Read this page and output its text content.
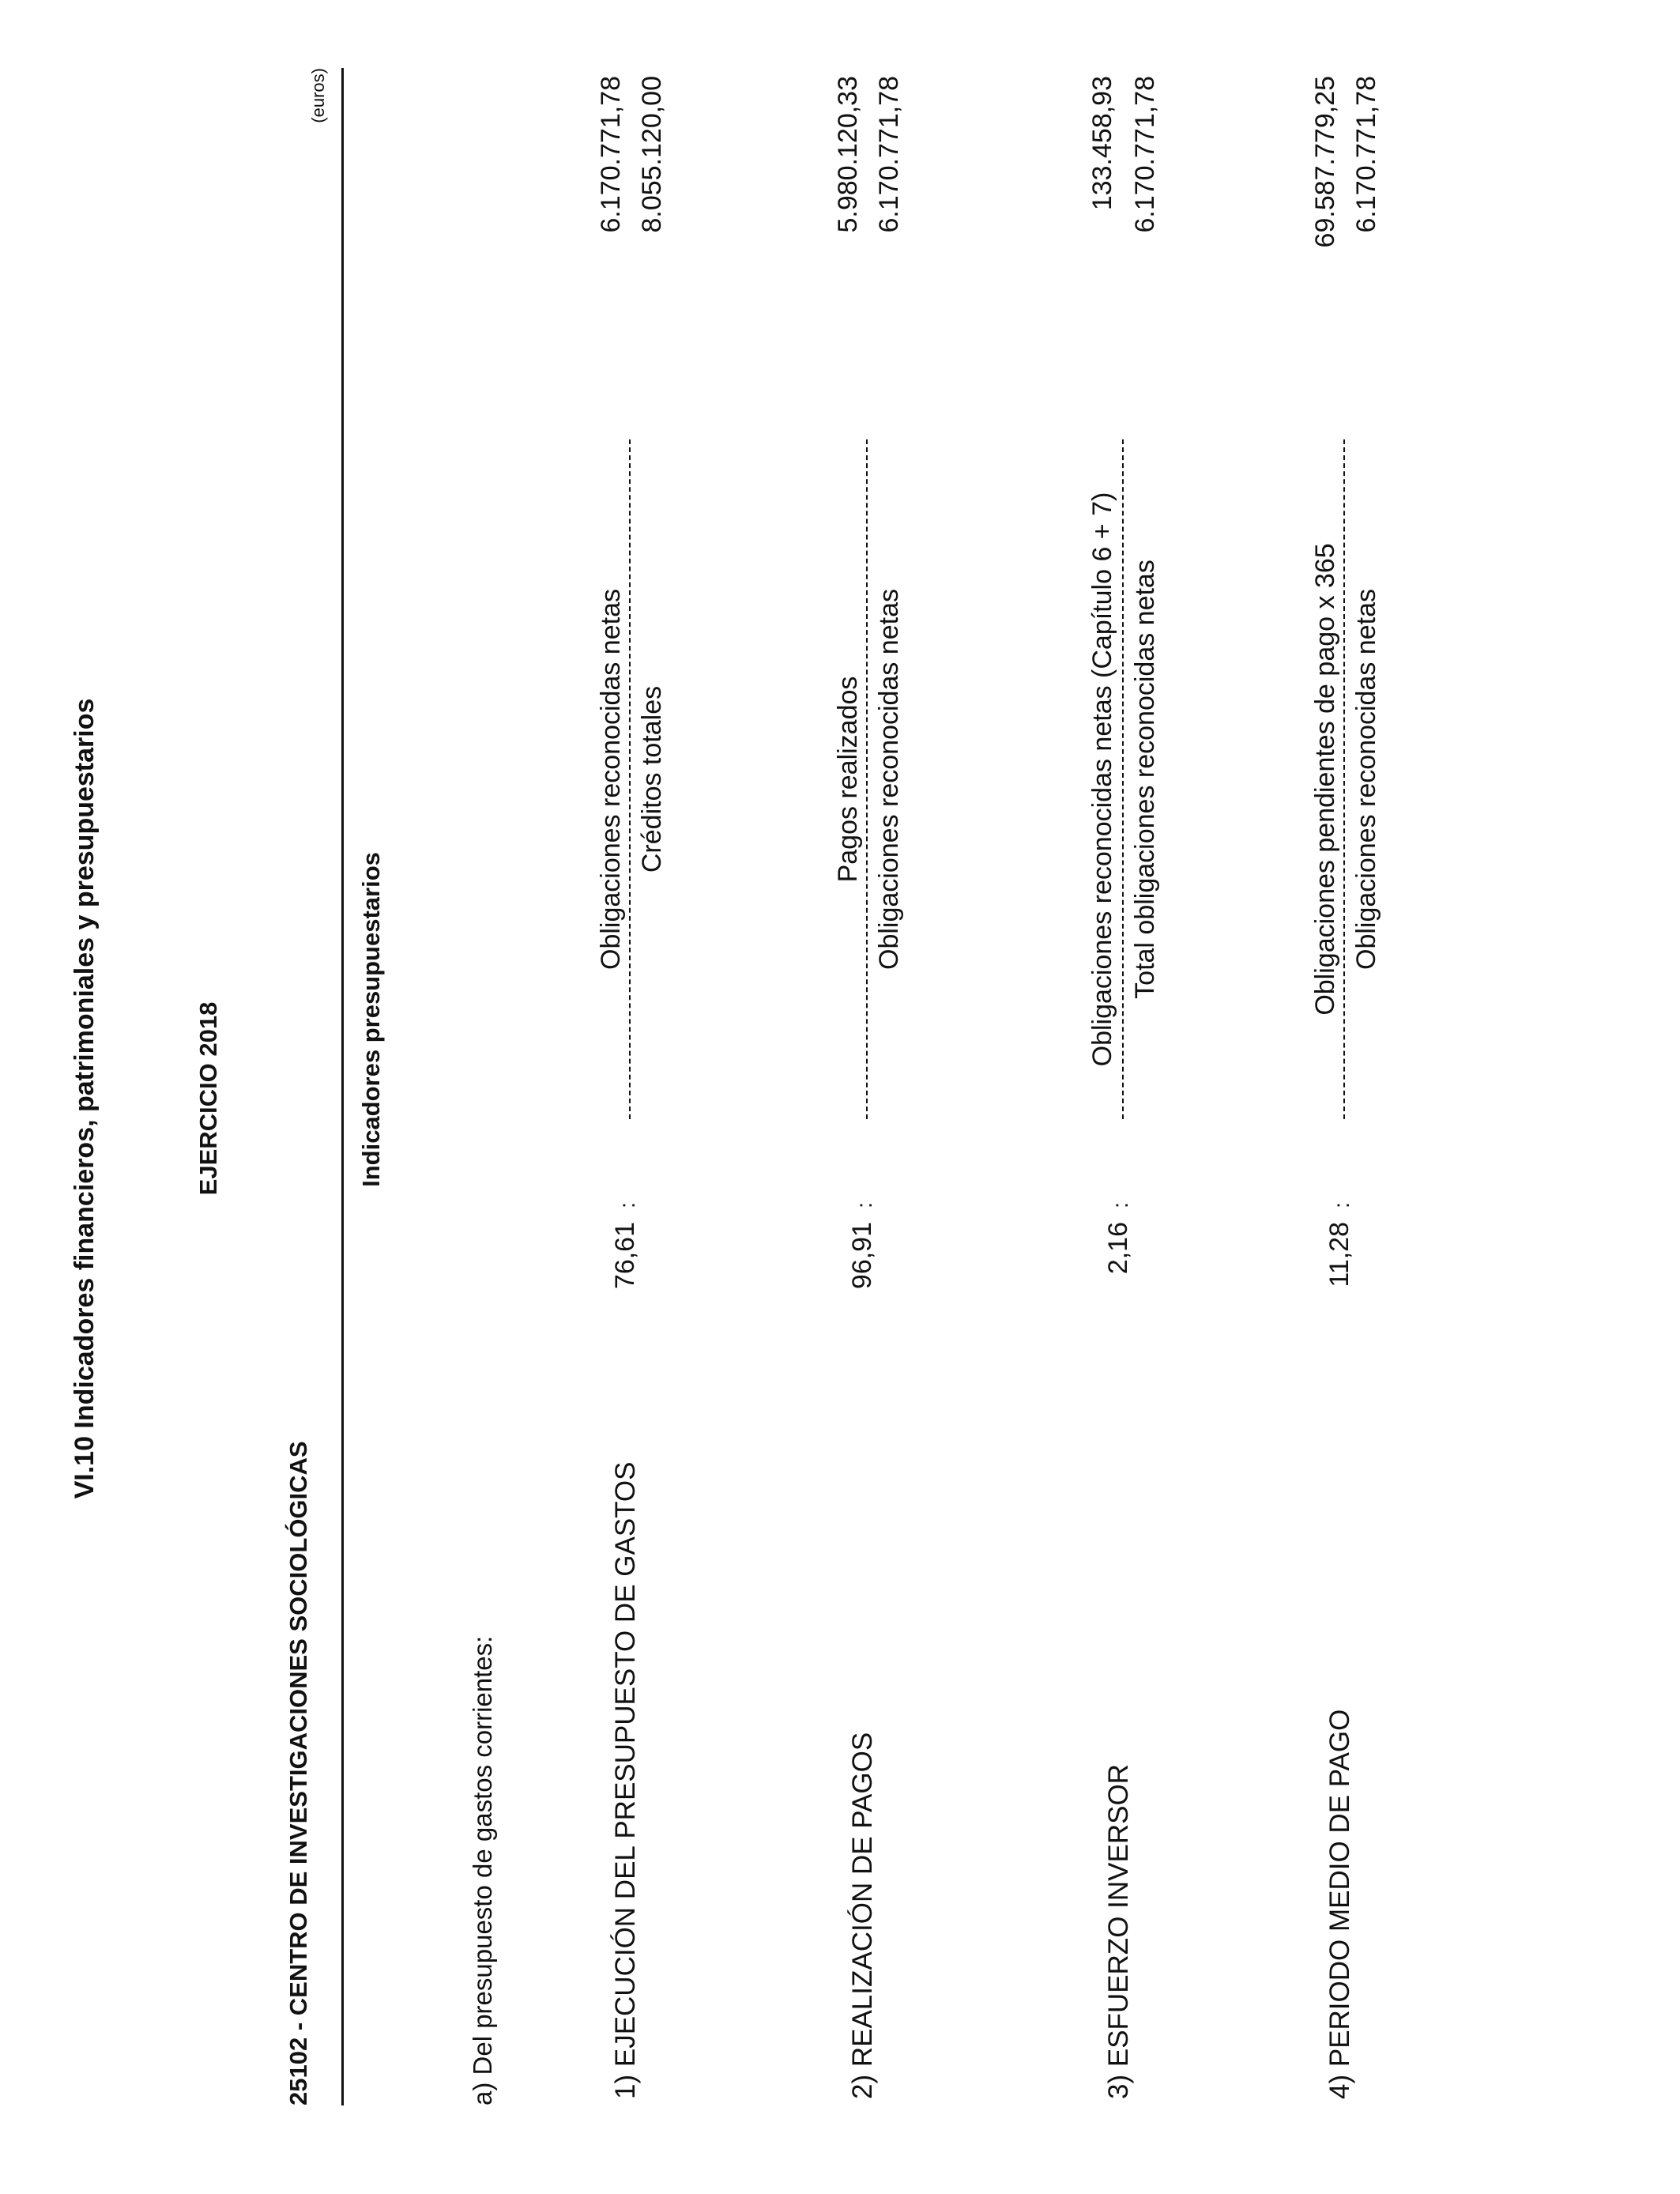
VI.10 Indicadores financieros, patrimoniales y presupuestarios	EJERCICIO 2018
25102 - CENTRO DE INVESTIGACIONES SOCIOLÓGICAS
(euros)
Indicadores presupuestarios
a) Del presupuesto de gastos corrientes:	1) EJECUCIÓN DEL PRESUPUESTO DE GASTOS
76,61
:
Obligaciones reconocidas netas Créditos totales
6.170.771,78 8.055.120,00
2) REALIZACIÓN DE PAGOS
96,91
:
Pagos realizados Obligaciones reconocidas netas
5.980.120,33 6.170.771,78
3) ESFUERZO INVERSOR
2,16
:
Obligaciones reconocidas netas (Capítulo 6 + 7) Total obligaciones reconocidas netas
133.458,93 6.170.771,78
4) PERIODO MEDIO DE PAGO
11,28
:
Obligaciones pendientes de pago x 365 Obligaciones reconocidas netas
69.587.779,25 6.170.771,78
